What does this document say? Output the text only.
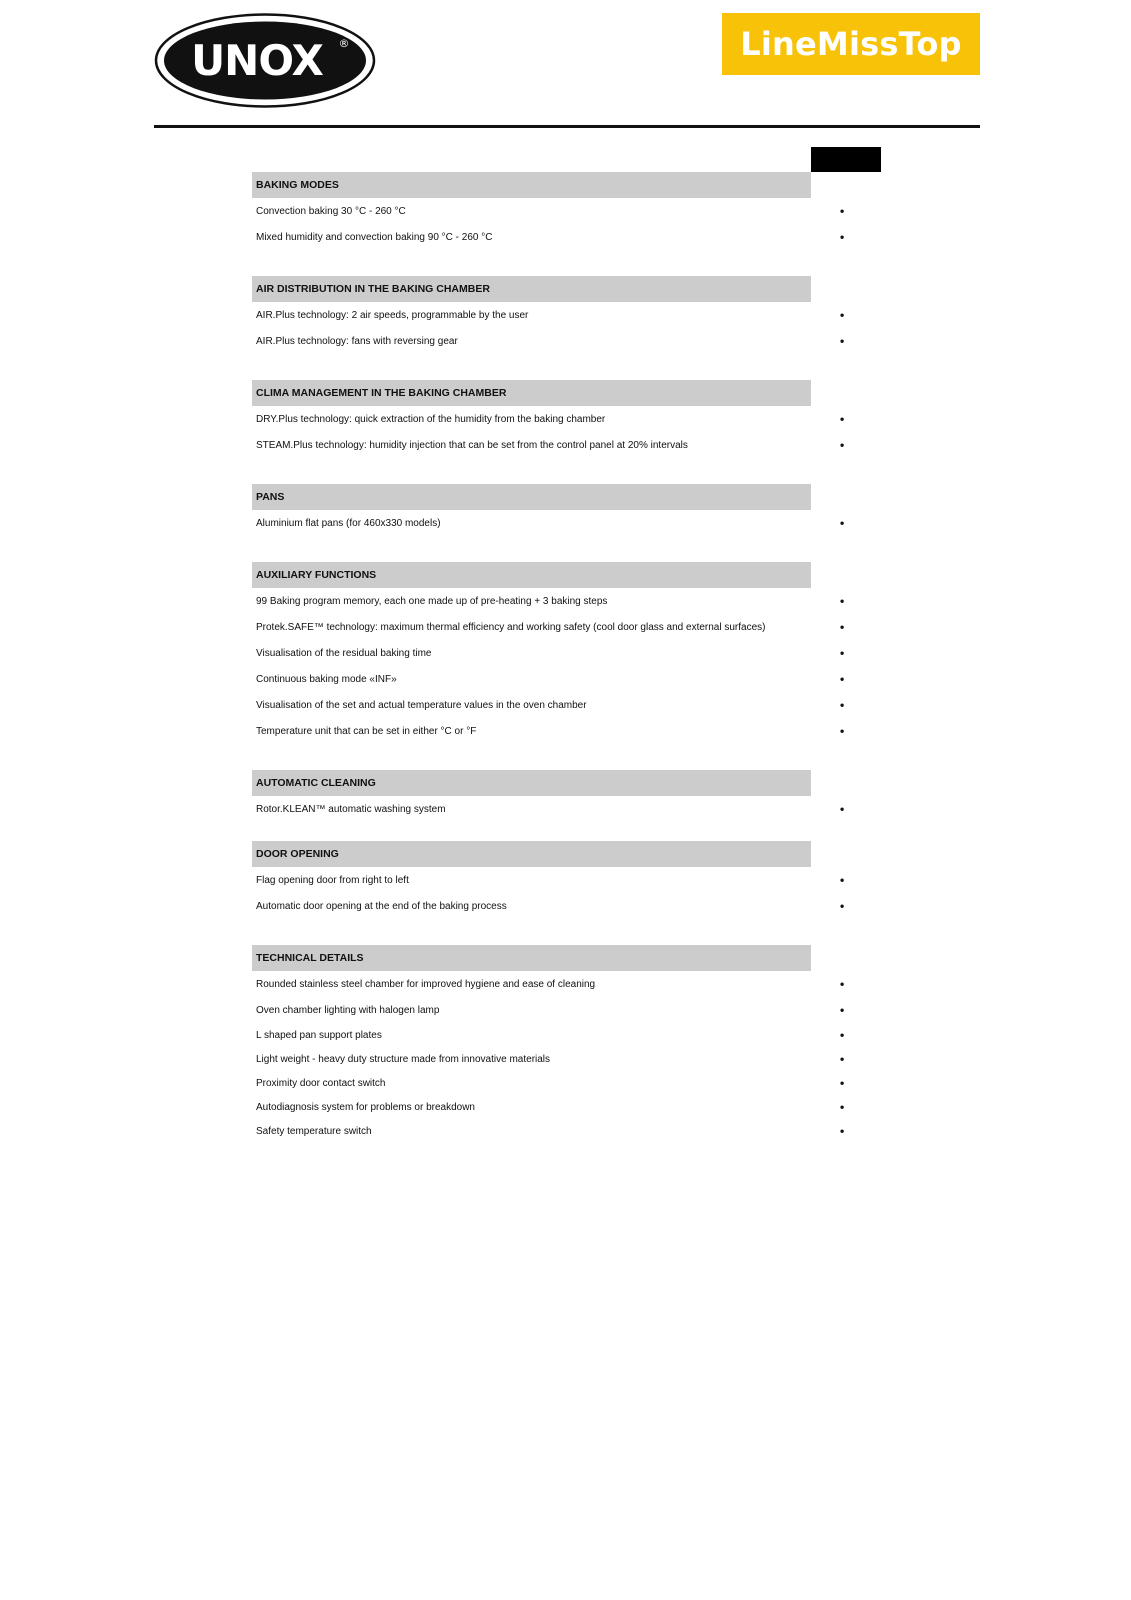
UNOX ®	LineMissTop
BAKING MODES
Convection baking 30 °C - 260 °C	•
Mixed humidity and convection baking 90 °C - 260 °C	•
AIR DISTRIBUTION IN THE BAKING CHAMBER
AIR.Plus technology: 2 air speeds, programmable by the user	•
AIR.Plus technology: fans with reversing gear	•
CLIMA MANAGEMENT IN THE BAKING CHAMBER
DRY.Plus technology: quick extraction of the humidity from the baking chamber	•
STEAM.Plus technology: humidity injection that can be set from the control panel at 20% intervals	•
PANS
Aluminium flat pans (for 460x330 models)	•
AUXILIARY FUNCTIONS
99 Baking program memory, each one made up of pre-heating + 3 baking steps	•
Protek.SAFE™ technology: maximum thermal efficiency and working safety (cool door glass and external surfaces)	•
Visualisation of the residual baking time	•
Continuous baking mode «INF»	•
Visualisation of the set and actual temperature values in the oven chamber	•
Temperature unit that can be set in either °C or °F	•
AUTOMATIC CLEANING
Rotor.KLEAN™ automatic washing system	•
DOOR OPENING
Flag opening door from right to left	•
Automatic door opening at the end of the baking process	•
TECHNICAL DETAILS
Rounded stainless steel chamber for improved hygiene and ease of cleaning	•
Oven chamber lighting with halogen lamp	•
L shaped pan support plates	•
Light weight - heavy duty structure made from innovative materials	•
Proximity door contact switch	•
Autodiagnosis system for problems or breakdown	•
Safety temperature switch	•
